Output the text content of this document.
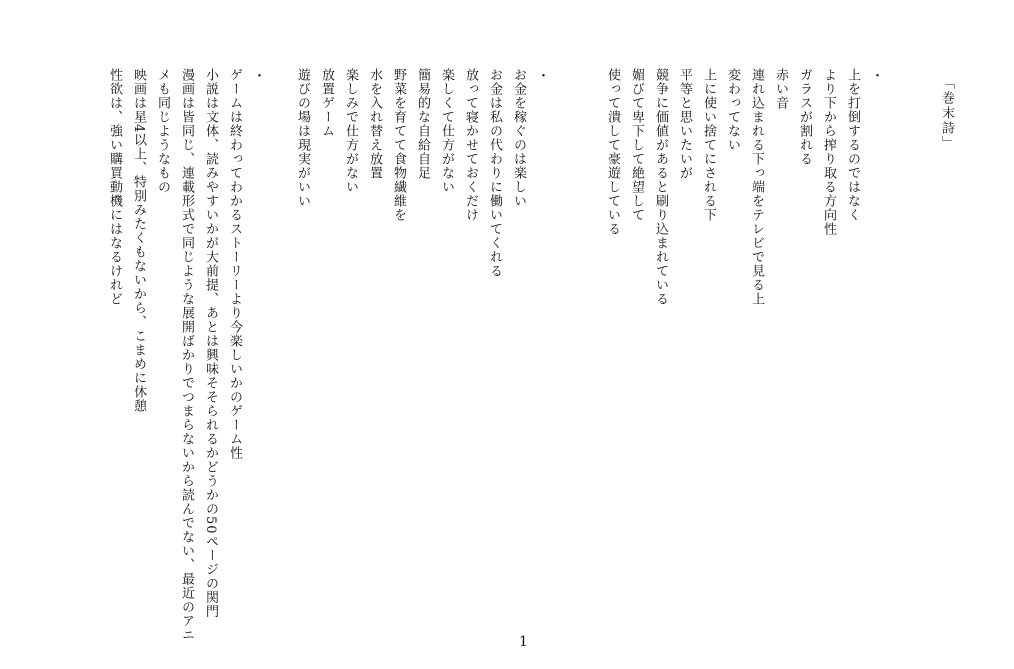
「巻末詩」
・
上を打倒するのではなく
より下から搾り取る方向性
ガラスが割れる
赤い音
連れ込まれる下っ端をテレビで見る上
変わってない
上に使い捨てにされる下
平等と思いたいが
競争に価値があると刷り込まれている
媚びて卑下して絶望して
使って潰して豪遊している
・
お金を稼ぐのは楽しい
お金は私の代わりに働いてくれる
放って寝かせておくだけ
楽しくて仕方がない
簡易的な自給自足
野菜を育てて食物繊維を
水を入れ替え放置
楽しみで仕方がない
放置ゲーム
遊びの場は現実がいい
・
ゲームは終わってわかるストーリーより今楽しいかのゲーム性
小説は文体、読みやすいかが大前提、あとは興味そそられるかどうかの50ページの関門
漫画は皆同じ、連載形式で同じような展開ばかりでつまらないから読んでない、最近のアニ
メも同じようなもの
映画は星4以上、特別みたくもないから、こまめに休憩
性欲は、強い購買動機にはなるけれど
1
